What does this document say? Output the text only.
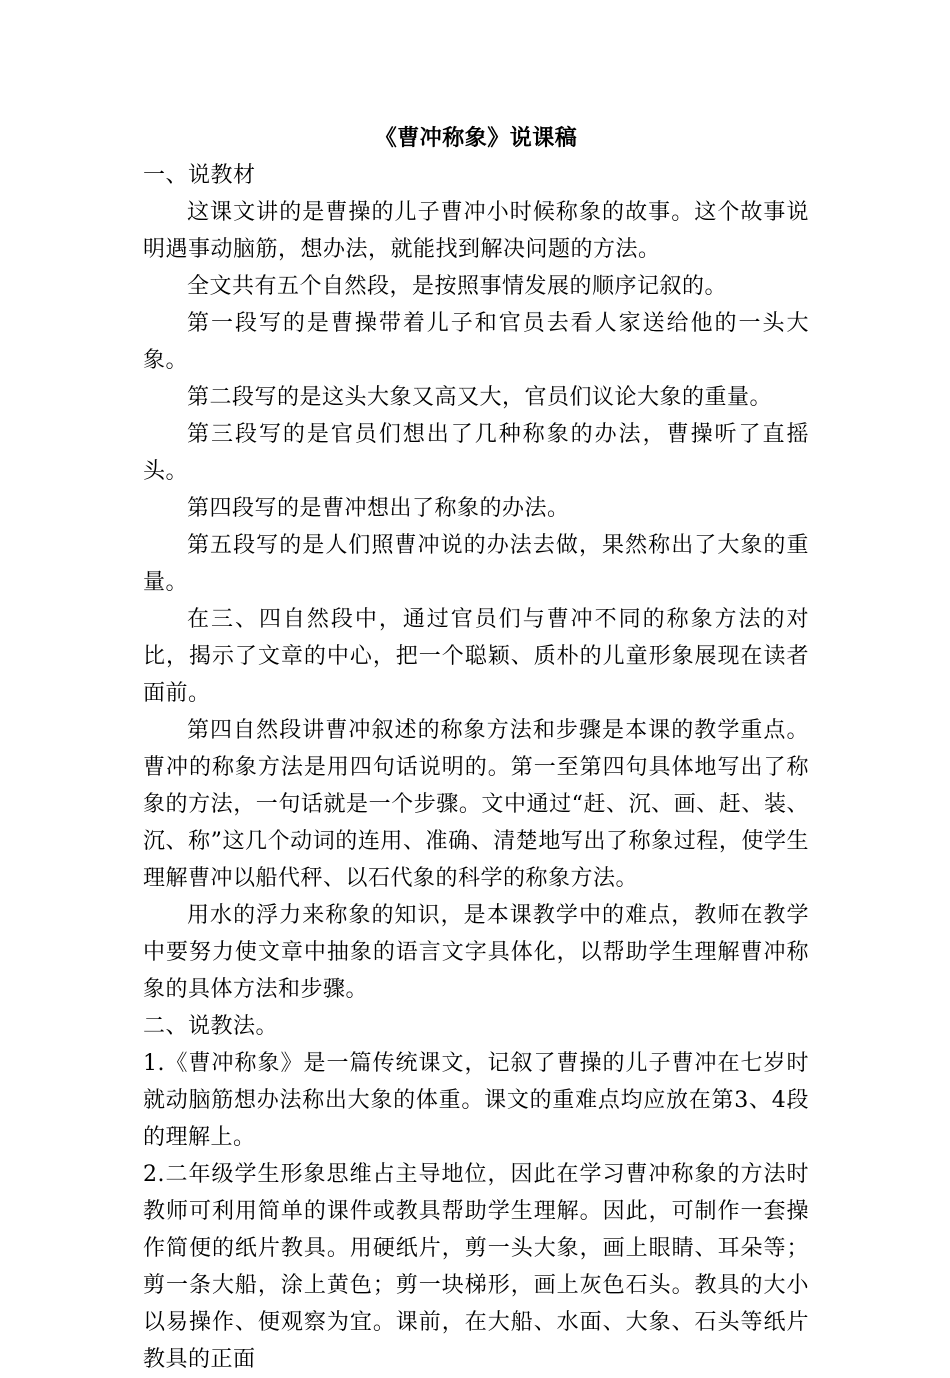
《曹冲称象》说课稿

一、说教材

这课文讲的是曹操的儿子曹冲小时候称象的故事。这个故事说明遇事动脑筋，想办法，就能找到解决问题的方法。

全文共有五个自然段，是按照事情发展的顺序记叙的。

第一段写的是曹操带着儿子和官员去看人家送给他的一头大象。

第二段写的是这头大象又高又大，官员们议论大象的重量。

第三段写的是官员们想出了几种称象的办法，曹操听了直摇头。

第四段写的是曹冲想出了称象的办法。

第五段写的是人们照曹冲说的办法去做，果然称出了大象的重量。

在三、四自然段中，通过官员们与曹冲不同的称象方法的对比，揭示了文章的中心，把一个聪颖、质朴的儿童形象展现在读者面前。

第四自然段讲曹冲叙述的称象方法和步骤是本课的教学重点。曹冲的称象方法是用四句话说明的。第一至第四句具体地写出了称象的方法，一句话就是一个步骤。文中通过“赶、沉、画、赶、装、沉、称”这几个动词的连用、准确、清楚地写出了称象过程，使学生理解曹冲以船代秤、以石代象的科学的称象方法。

用水的浮力来称象的知识，是本课教学中的难点，教师在教学中要努力使文章中抽象的语言文字具体化，以帮助学生理解曹冲称象的具体方法和步骤。

二、说教法。

1.《曹冲称象》是一篇传统课文，记叙了曹操的儿子曹冲在七岁时就动脑筋想办法称出大象的体重。课文的重难点均应放在第3、4段的理解上。

2.二年级学生形象思维占主导地位，因此在学习曹冲称象的方法时教师可利用简单的课件或教具帮助学生理解。因此，可制作一套操作简便的纸片教具。用硬纸片，剪一头大象，画上眼睛、耳朵等；剪一条大船，涂上黄色；剪一块梯形，画上灰色石头。教具的大小以易操作、便观察为宜。课前，在大船、水面、大象、石头等纸片教具的正面
